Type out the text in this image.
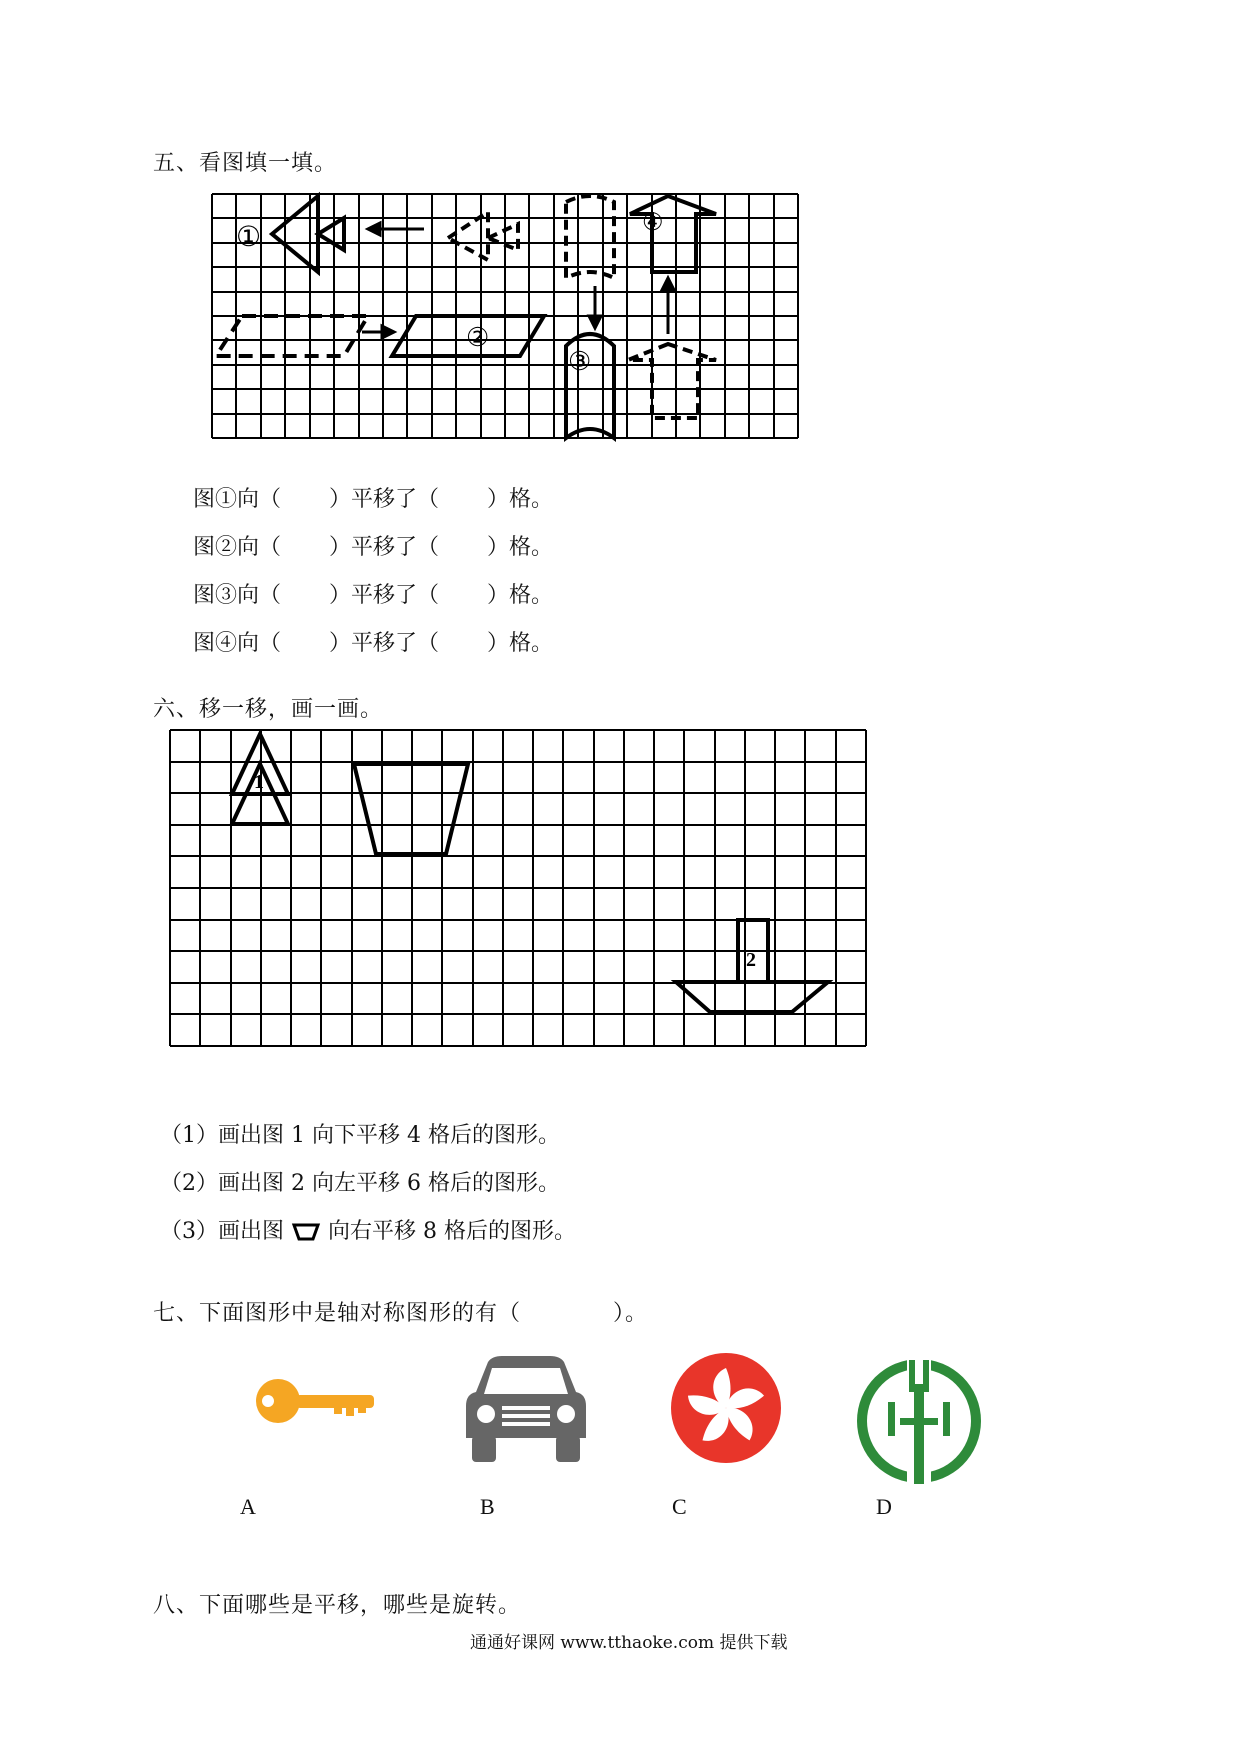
五、看图填一填。
①
③
②
④
图①向（ ）平移了（ ）格。
图②向（ ）平移了（ ）格。
图③向（ ）平移了（ ）格。
图④向（ ）平移了（ ）格。
六、移一移，画一画。
1
2
（1）画出图 1 向下平移 4 格后的图形。
（2）画出图 2 向左平移 6 格后的图形。
（3）画出图 向右平移 8 格后的图形。
七、下面图形中是轴对称图形的有（　　　　）。
A	B	C	D
八、下面哪些是平移，哪些是旋转。
通通好课网 www.tthaoke.com 提供下载
